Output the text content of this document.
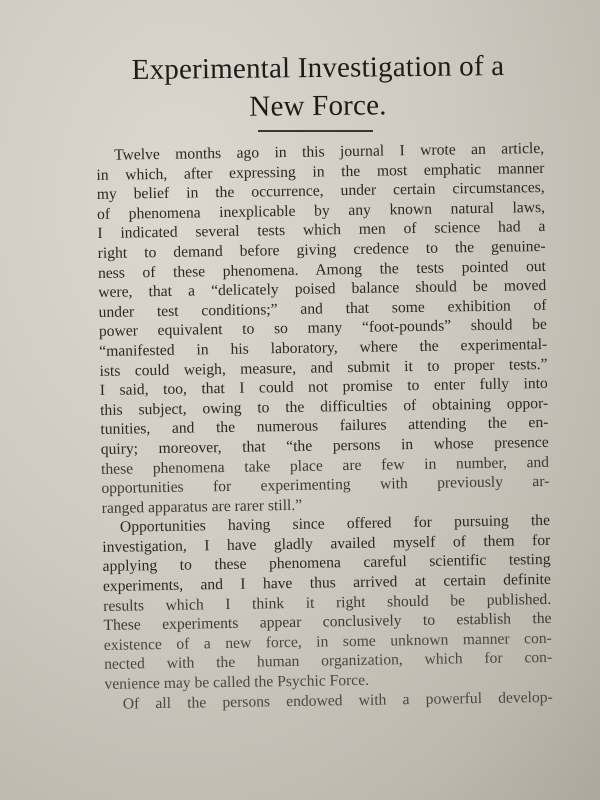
Experimental Investigation of a
New Force.
Twelve months ago in this journal I wrote an article,
in which, after expressing in the most emphatic manner
my belief in the occurrence, under certain circumstances,
of phenomena inexplicable by any known natural laws,
I indicated several tests which men of science had a
right to demand before giving credence to the genuine-
ness of these phenomena. Among the tests pointed out
were, that a “delicately poised balance should be moved
under test conditions;” and that some exhibition of
power equivalent to so many “foot-pounds” should be
“manifested in his laboratory, where the experimental-
ists could weigh, measure, and submit it to proper tests.”
I said, too, that I could not promise to enter fully into
this subject, owing to the difficulties of obtaining oppor-
tunities, and the numerous failures attending the en-
quiry; moreover, that “the persons in whose presence
these phenomena take place are few in number, and
opportunities for experimenting with previously ar-
ranged apparatus are rarer still.”
Opportunities having since offered for pursuing the
investigation, I have gladly availed myself of them for
applying to these phenomena careful scientific testing
experiments, and I have thus arrived at certain definite
results which I think it right should be published.
These experiments appear conclusively to establish the
existence of a new force, in some unknown manner con-
nected with the human organization, which for con-
venience may be called the Psychic Force.
Of all the persons endowed with a powerful develop-
